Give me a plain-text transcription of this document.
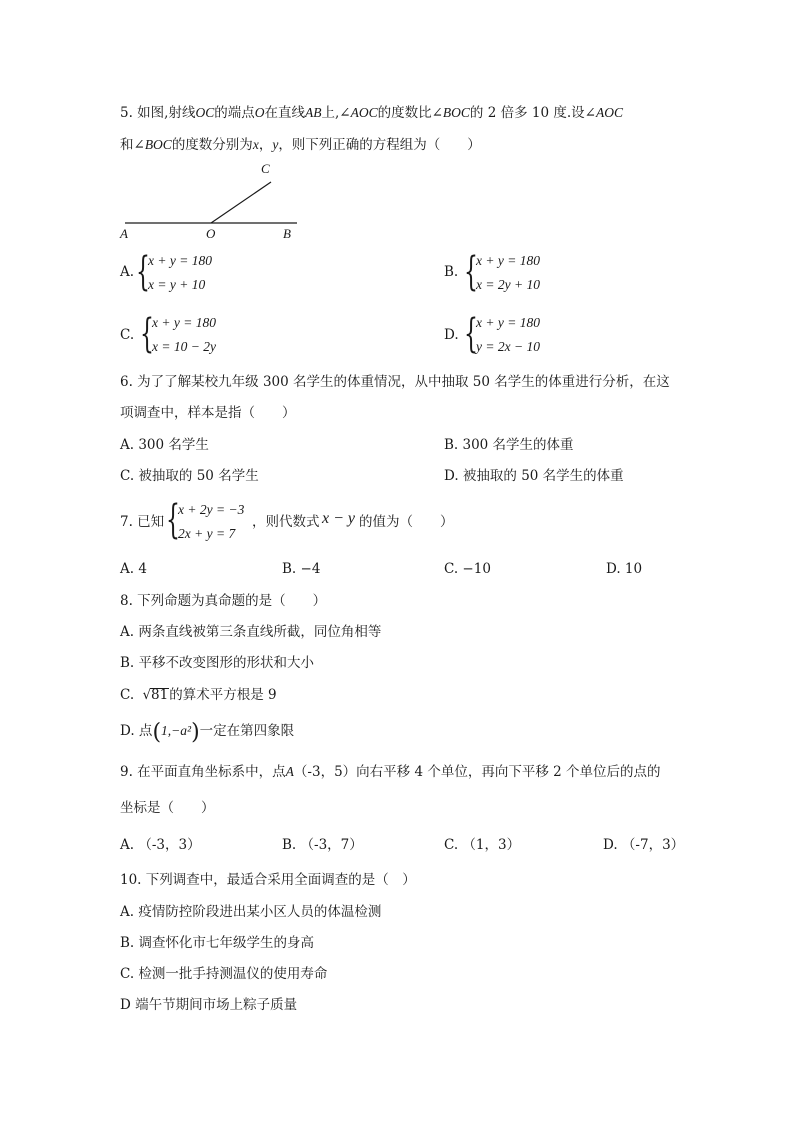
5. 如图,射线OC的端点O在直线AB上,∠AOC的度数比∠BOC的 2 倍多 10 度.设∠AOC
和∠BOC的度数分别为x，y，则下列正确的方程组为（　　）
A	O	B
C
A. {
x + y = 180
x = y + 10
B. {
x + y = 180
x = 2y + 10
C. {
x + y = 180
x = 10 − 2y
D. {
x + y = 180
y = 2x − 10
6. 为了了解某校九年级 300 名学生的体重情况，从中抽取 50 名学生的体重进行分析，在这
项调查中，样本是指（　　）
A. 300 名学生	B. 300 名学生的体重
C. 被抽取的 50 名学生	D. 被抽取的 50 名学生的体重
7. 已知 {
x + 2y = −3
2x + y = 7
，则代数式 x − y 的值为（　　）
A. 4	B. −4	C. −10	D. 10
8. 下列命题为真命题的是（　　）
A. 两条直线被第三条直线所截，同位角相等
B. 平移不改变图形的形状和大小
C. √81的算术平方根是 9
D. 点(1,−a²)一定在第四象限
9. 在平面直角坐标系中，点A（-3，5）向右平移 4 个单位，再向下平移 2 个单位后的点的
坐标是（　　）
A. （-3，3）	B. （-3，7）	C. （1，3）	D. （-7，3）
10. 下列调查中，最适合采用全面调查的是（　）
A. 疫情防控阶段进出某小区人员的体温检测
B. 调查怀化市七年级学生的身高
C. 检测一批手持测温仪的使用寿命
D 端午节期间市场上粽子质量
